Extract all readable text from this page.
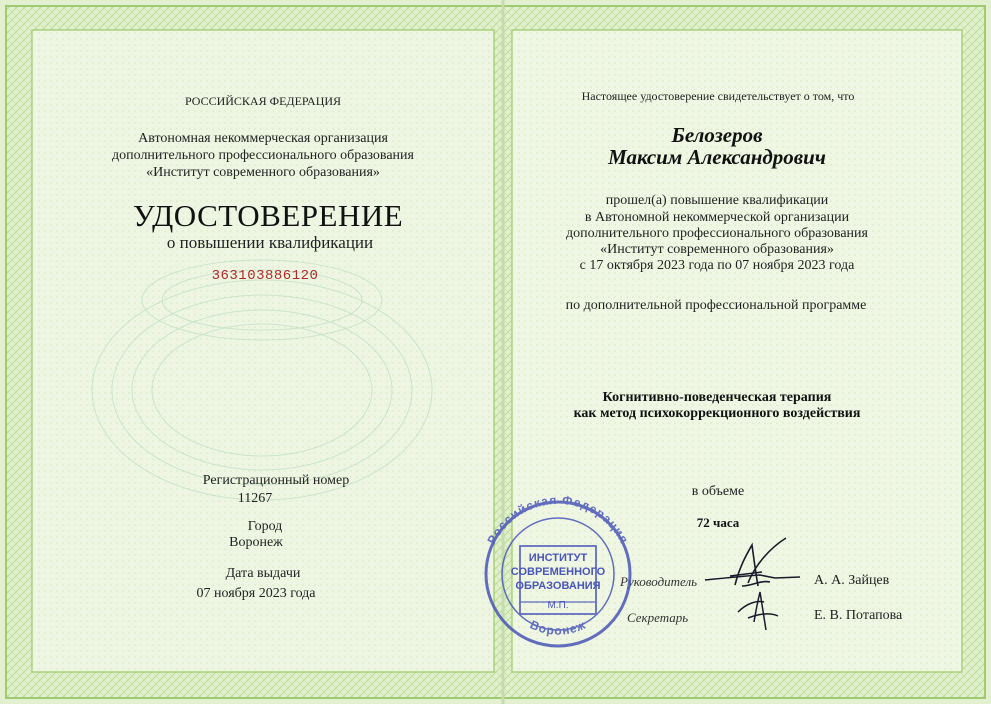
РОССИЙСКАЯ ФЕДЕРАЦИЯ
Автономная некоммерческая организация
дополнительного профессионального образования
«Институт современного образования»
УДОСТОВЕРЕНИЕ
о повышении квалификации
363103886120
Регистрационный номер
11267
Город
Воронеж
Дата выдачи
07 ноября 2023 года
Настоящее удостоверение свидетельствует о том, что
Белозеров
Максим Александрович
прошел(а) повышение квалификации
в Автономной некоммерческой организации
дополнительного профессионального образования
«Институт современного образования»
с 17 октября 2023 года по 07 ноября 2023 года
по дополнительной профессиональной программе
Когнитивно-поведенческая терапия
как метод психокоррекционного воздействия
в объеме
72 часа
Руководитель	А. А. Зайцев
Секретарь	Е. В. Потапова
Российская Федерация
Воронеж
ИНСТИТУТ
СОВРЕМЕННОГО
ОБРАЗОВАНИЯ
М.П.
